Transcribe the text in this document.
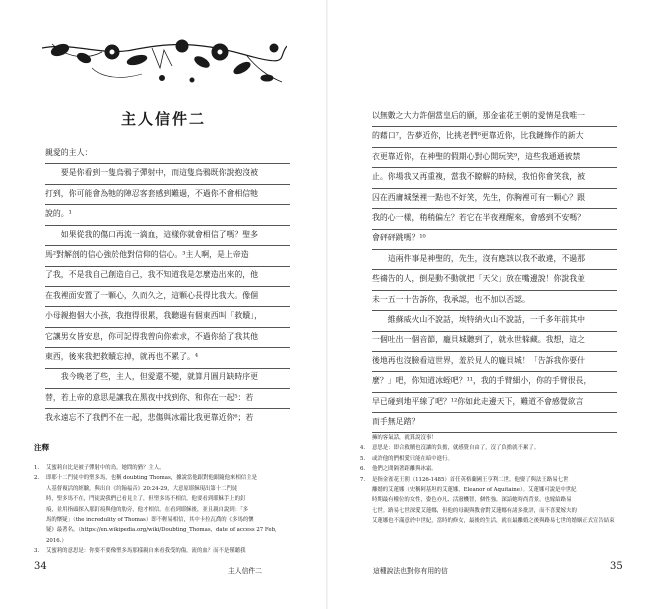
主人信件二

親愛的主人：

要是你看到一隻烏鴉子彈射中，而這隻烏鴉既你說抱沒被
打到，你可能會為牠的陣忍客套感到難過，不過你不會相信牠
說的。¹

如果從我的傷口再流一滴血，這樣你就會相信了嗎？聖多
馬²對解剖的信心強於他對信仰的信心。³主人啊，是上帝造
了我，不是我自己創造自己，我不知道我是怎麼造出來的，他
在我裡面安置了一顆心，久而久之，這顆心長得比我大。像個
小母親抱個大小孩，我抱得很累，我聽過有個東西叫「救贖」，
它讓男女皆安息，你可記得我曾向你索求，不過你給了我其他
東西，後來我把救贖忘掉，就再也不累了。⁴

我今晚老了些，主人，但愛還不變，就算月圓月缺時序更
替，若上帝的意思是讓我在黑夜中找到你、和你在一起⁵：若
我永遠忘不了我們不在一起，悲傷與冰霜比我更靠近你⁶；若

注釋
1.	艾蜜莉自比是被子彈射中的鳥，她問的猶？主人。
2.	即耶十二門徒中的聖多馬，也稱 doubting Thomas，據說當他跟對他跟隨他來相信主是
人基督複活的經驗，與出自《約翰福音》20:24-29，大意原耶穌現出第十二門徒
時，聖多馬不在，門徒說我們已看見主了，但聖多馬不相信，他要看到耶穌手上的釘
痕，並用指頭探入那釘痕與他的肋旁，他才相信。在看到耶穌後，並且親自說到：「多
馬的懷疑」（the incredulity of Thomas）即不輕易相信，其中卡拉瓦喬的《多馬的懷
疑》最著名。（https://en.wikipedia.org/wiki/Doubting_Thomas，date of access 27 Feb,
2016.）
3.	艾蜜莉的意思是：你要不要像聖多馬那樣親自來看我受的傷，流的血？而不是僅聽我
34	主人信件二
以無數之大力許個當皇后的願，那金雀花王朝的愛情是我唯一
的藉口⁷，告夢近你，比挑老們⁸更靠近你，比我鏈飾作的新大
衣更靠近你，在神聖的假期心對心開玩笑⁹，這些我通通被禁
止。你場我又再重複，當我不瞭解的時候，我怕你會笑我，被
囚在西庸城堡裡一點也不好笑，先生，你胸裡可有一顆心？跟
我的心一樣，稍稍偏左？若它在半夜裡醒來，會感到不安嗎？
會砰砰跳嗎？¹⁰
這兩件事是神聖的，先生，沒有應該以我不敢違，不過那
些禱告的人，倒是動不動就把「天父」放在嘴邊說！你說我並
未一五一十告訴你，我承認，也不加以否認。
維蘇威火山不說話，埃特納火山不說話，一千多年前其中
一個吐出一個音節，龐貝城聽到了，就永世躲藏。我想，這之
後地再也沒臉看這世界，羞於見人的龐貝城！「告訴我你要什
麼？」吧，你知道冰蛭吧？¹¹，我的手臂細小，你的手臂很長，
早已碰到地平線了吧？¹²你如此走邊天下，難道不會感覺欲言
而手無足踏？
擁的客氣話，就算說沒事！
4.	意思是：即合救贖也沒讓的負擔，就感覺自由了，沒了負擔就不累了。
5.	或許他的們相愛只能在暗中進行。
6.	他們之間隔著距離與冰霜。
7.	是指金雀花王朝（1126-1485）首任英格蘭國王亨利二世，他娶了與法王路易七世
離婚的艾蓮娜（史稱阿基坦的艾蓮娜，Eleanor of Aquitaine）。艾蓮娜可說是中世紀
時期最有權位的女性，姿色亦凡、活潑機智，個性強，深諳她時尚背景，也嫁給路易
七世。路易七世深愛艾蓮娜，但他的母親與教會對艾蓮娜有諸多批評，而不喜愛嫁夫的
艾蓮娜也不滿意於中世紀，當時的修女，最後的生活，就在最離婚之後與路易七世的婚姻正式宣告結束
這種說法也對你有用的信	35
